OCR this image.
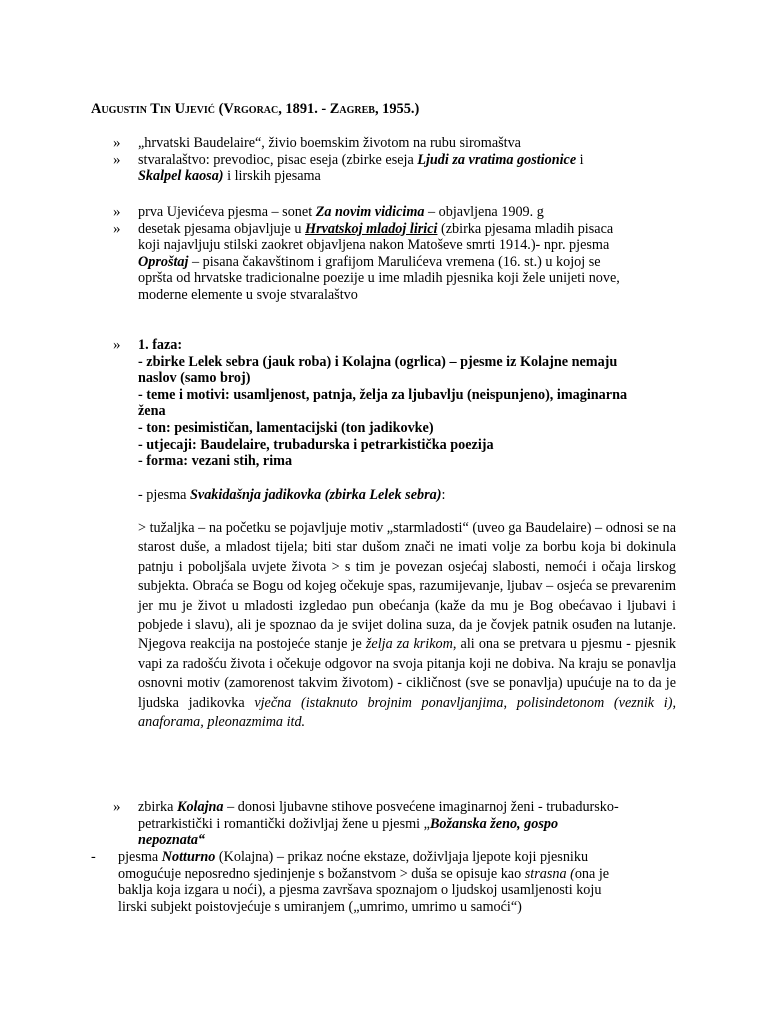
Augustin Tin Ujević (Vrgorac, 1891. - Zagreb, 1955.)
» „hrvatski Baudelaire“, živio boemskim životom na rubu siromaštva
» stvaralaštvo: prevodioc, pisac eseja (zbirke eseja Ljudi za vratima gostionice i
Skalpel kaosa) i lirskih pjesama
» prva Ujevićeva pjesma – sonet Za novim vidicima – objavljena 1909. g
» desetak pjesama objavljuje u Hrvatskoj mladoj lirici (zbirka pjesama mladih pisaca
koji najavljuju stilski zaokret objavljena nakon Matoševe smrti 1914.)- npr. pjesma
Oproštaj – pisana čakavštinom i grafijom Marulićeva vremena (16. st.) u kojoj se
opršta od hrvatske tradicionalne poezije u ime mladih pjesnika koji žele unijeti nove,
moderne elemente u svoje stvaralaštvo
» 1. faza:
- zbirke Lelek sebra (jauk roba) i Kolajna (ogrlica) – pjesme iz Kolajne nemaju
naslov (samo broj)
- teme i motivi: usamljenost, patnja, želja za ljubavlju (neispunjeno), imaginarna
žena
- ton: pesimističan, lamentacijski (ton jadikovke)
- utjecaji: Baudelaire, trubadurska i petrarkistička poezija
- forma: vezani stih, rima
- pjesma Svakidašnja jadikovka (zbirka Lelek sebra):
> tužaljka – na početku se pojavljuje motiv „starmladosti“ (uveo ga Baudelaire) – odnosi se na starost duše, a mladost tijela; biti star dušom znači ne imati volje za borbu koja bi dokinula patnju i poboljšala uvjete života > s tim je povezan osjećaj slabosti, nemoći i očaja lirskog subjekta. Obraća se Bogu od kojeg očekuje spas, razumijevanje, ljubav – osjeća se prevarenim jer mu je život u mladosti izgledao pun obećanja (kaže da mu je Bog obećavao i ljubavi i pobjede i slavu), ali je spoznao da je svijet dolina suza, da je čovjek patnik osuđen na lutanje. Njegova reakcija na postojeće stanje je želja za krikom, ali ona se pretvara u pjesmu - pjesnik vapi za radošću života i očekuje odgovor na svoja pitanja koji ne dobiva. Na kraju se ponavlja osnovni motiv (zamorenost takvim životom) - cikličnost (sve se ponavlja) upućuje na to da je ljudska jadikovka vječna (istaknuto brojnim ponavljanjima, polisindetonom (veznik i), anaforama, pleonazmima itd.
» zbirka Kolajna – donosi ljubavne stihove posvećene imaginarnoj ženi - trubadursko-
petrarkistički i romantički doživljaj žene u pjesmi „Božanska ženo, gospo
nepoznata“
- pjesma Notturno (Kolajna) – prikaz noćne ekstaze, doživljaja ljepote koji pjesniku
omogućuje neposredno sjedinjenje s božanstvom > duša se opisuje kao strasna (ona je
baklja koja izgara u noći), a pjesma završava spoznajom o ljudskoj usamljenosti koju
lirski subjekt poistovjećuje s umiranjem („umrimo, umrimo u samoći“)
